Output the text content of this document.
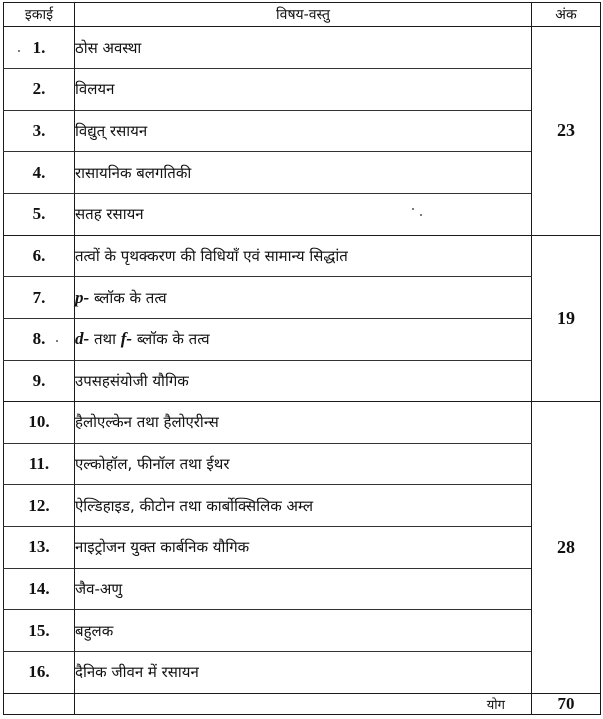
इकाई	विषय-वस्तु	अंक
1.	ठोस अवस्था	23
2.	विलयन	
3.	विद्युत् रसायन	
4.	रासायनिक बलगतिकी	
5.	सतह रसायन	
6.	तत्वों के पृथक्करण की विधियाँ एवं सामान्य सिद्धांत	19
7.	p- ब्लॉक के तत्व	
8.	d- तथा f- ब्लॉक के तत्व	
9.	उपसहसंयोजी यौगिक	
10.	हैलोएल्केन तथा हैलोएरीन्स	28
11.	एल्कोहॉल, फीनॉल तथा ईथर	
12.	ऐल्डिहाइड, कीटोन तथा कार्बोक्सिलिक अम्ल	
13.	नाइट्रोजन युक्त कार्बनिक यौगिक	
14.	जैव-अणु	
15.	बहुलक	
16.	दैनिक जीवन में रसायन	
	योग	70
